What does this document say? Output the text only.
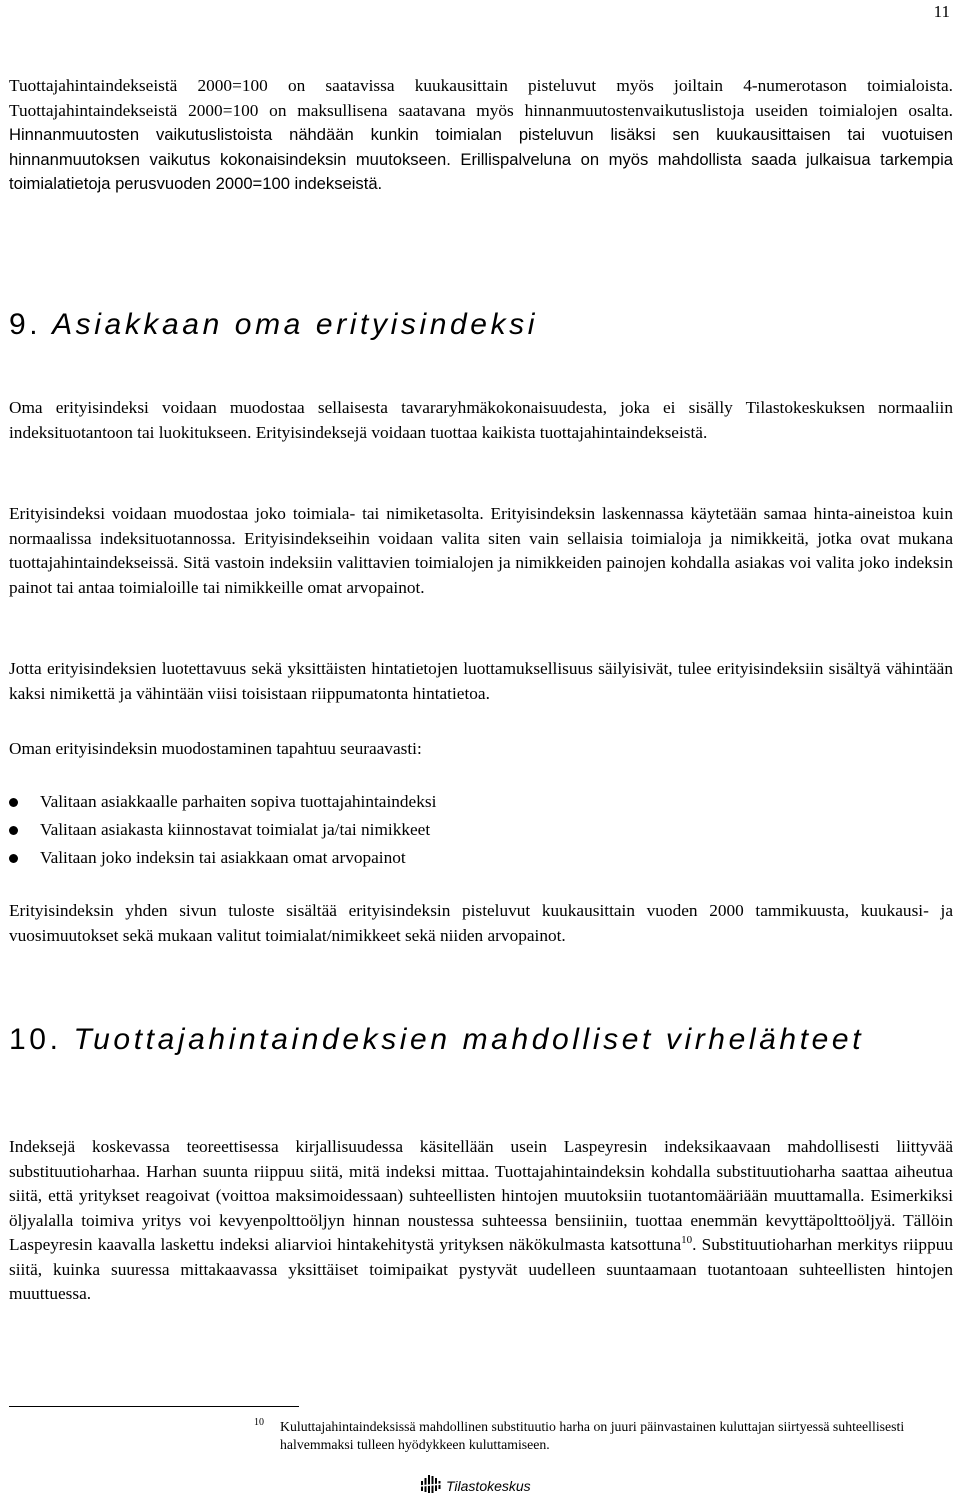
11

Tuottajahintaindekseistä 2000=100 on saatavissa kuukausittain pisteluvut myös joiltain 4-numerotason toimialoista. Tuottajahintaindekseistä 2000=100 on maksullisena saatavana myös hinnanmuutostenvaikutuslistoja useiden toimialojen osalta. Hinnanmuutosten vaikutuslistoista nähdään kunkin toimialan pisteluvun lisäksi sen kuukausittaisen tai vuotuisen hinnanmuutoksen vaikutus kokonaisindeksin muutokseen. Erillispalveluna on myös mahdollista saada julkaisua tarkempia toimialatietoja perusvuoden 2000=100 indekseistä.

9. Asiakkaan oma erityisindeksi

Oma erityisindeksi voidaan muodostaa sellaisesta tavararyhmäkokonaisuudesta, joka ei sisälly Tilastokeskuksen normaaliin indeksituotantoon tai luokitukseen. Erityisindeksejä voidaan tuottaa kaikista tuottajahintaindekseistä.

Erityisindeksi voidaan muodostaa joko toimiala- tai nimiketasolta. Erityisindeksin laskennassa käytetään samaa hinta-aineistoa kuin normaalissa indeksituotannossa. Erityisindekseihin voidaan valita siten vain sellaisia toimialoja ja nimikkeitä, jotka ovat mukana tuottajahintaindekseissä. Sitä vastoin indeksiin valittavien toimialojen ja nimikkeiden painojen kohdalla asiakas voi valita joko indeksin painot tai antaa toimialoille tai nimikkeille omat arvopainot.

Jotta erityisindeksien luotettavuus sekä yksittäisten hintatietojen luottamuksellisuus säilyisivät, tulee erityisindeksiin sisältyä vähintään kaksi nimikettä ja vähintään viisi toisistaan riippumatonta hintatietoa.

Oman erityisindeksin muodostaminen tapahtuu seuraavasti:

Valitaan asiakkaalle parhaiten sopiva tuottajahintaindeksi
Valitaan asiakasta kiinnostavat toimialat ja/tai nimikkeet
Valitaan joko indeksin tai asiakkaan omat arvopainot

Erityisindeksin yhden sivun tuloste sisältää erityisindeksin pisteluvut kuukausittain vuoden 2000 tammikuusta, kuukausi- ja vuosimuutokset sekä mukaan valitut toimialat/nimikkeet sekä niiden arvopainot.

10. Tuottajahintaindeksien mahdolliset virhelähteet

Indeksejä koskevassa teoreettisessa kirjallisuudessa käsitellään usein Laspeyresin indeksikaavaan mahdollisesti liittyvää substituutioharhaa. Harhan suunta riippuu siitä, mitä indeksi mittaa. Tuottajahintaindeksin kohdalla substituutioharha saattaa aiheutua siitä, että yritykset reagoivat (voittoa maksimoidessaan) suhteellisten hintojen muutoksiin tuotantomääriään muuttamalla. Esimerkiksi öljyalalla toimiva yritys voi kevyenpolttoöljyn hinnan noustessa suhteessa bensiiniin, tuottaa enemmän kevyttäpolttoöljyä. Tällöin Laspeyresin kaavalla laskettu indeksi aliarvioi hintakehitystä yrityksen näkökulmasta katsottuna$^{10}$. Substituutioharhan merkitys riippuu siitä, kuinka suuressa mittakaavassa yksittäiset toimipaikat pystyvät uudelleen suuntaamaan tuotantoaan suhteellisten hintojen muuttuessa.

10	Kuluttajahintaindeksissä mahdollinen substituutio harha on juuri päinvastainen kuluttajan siirtyessä suhteellisesti halvemmaksi tulleen hyödykkeen kuluttamiseen.

Tilastokeskus
